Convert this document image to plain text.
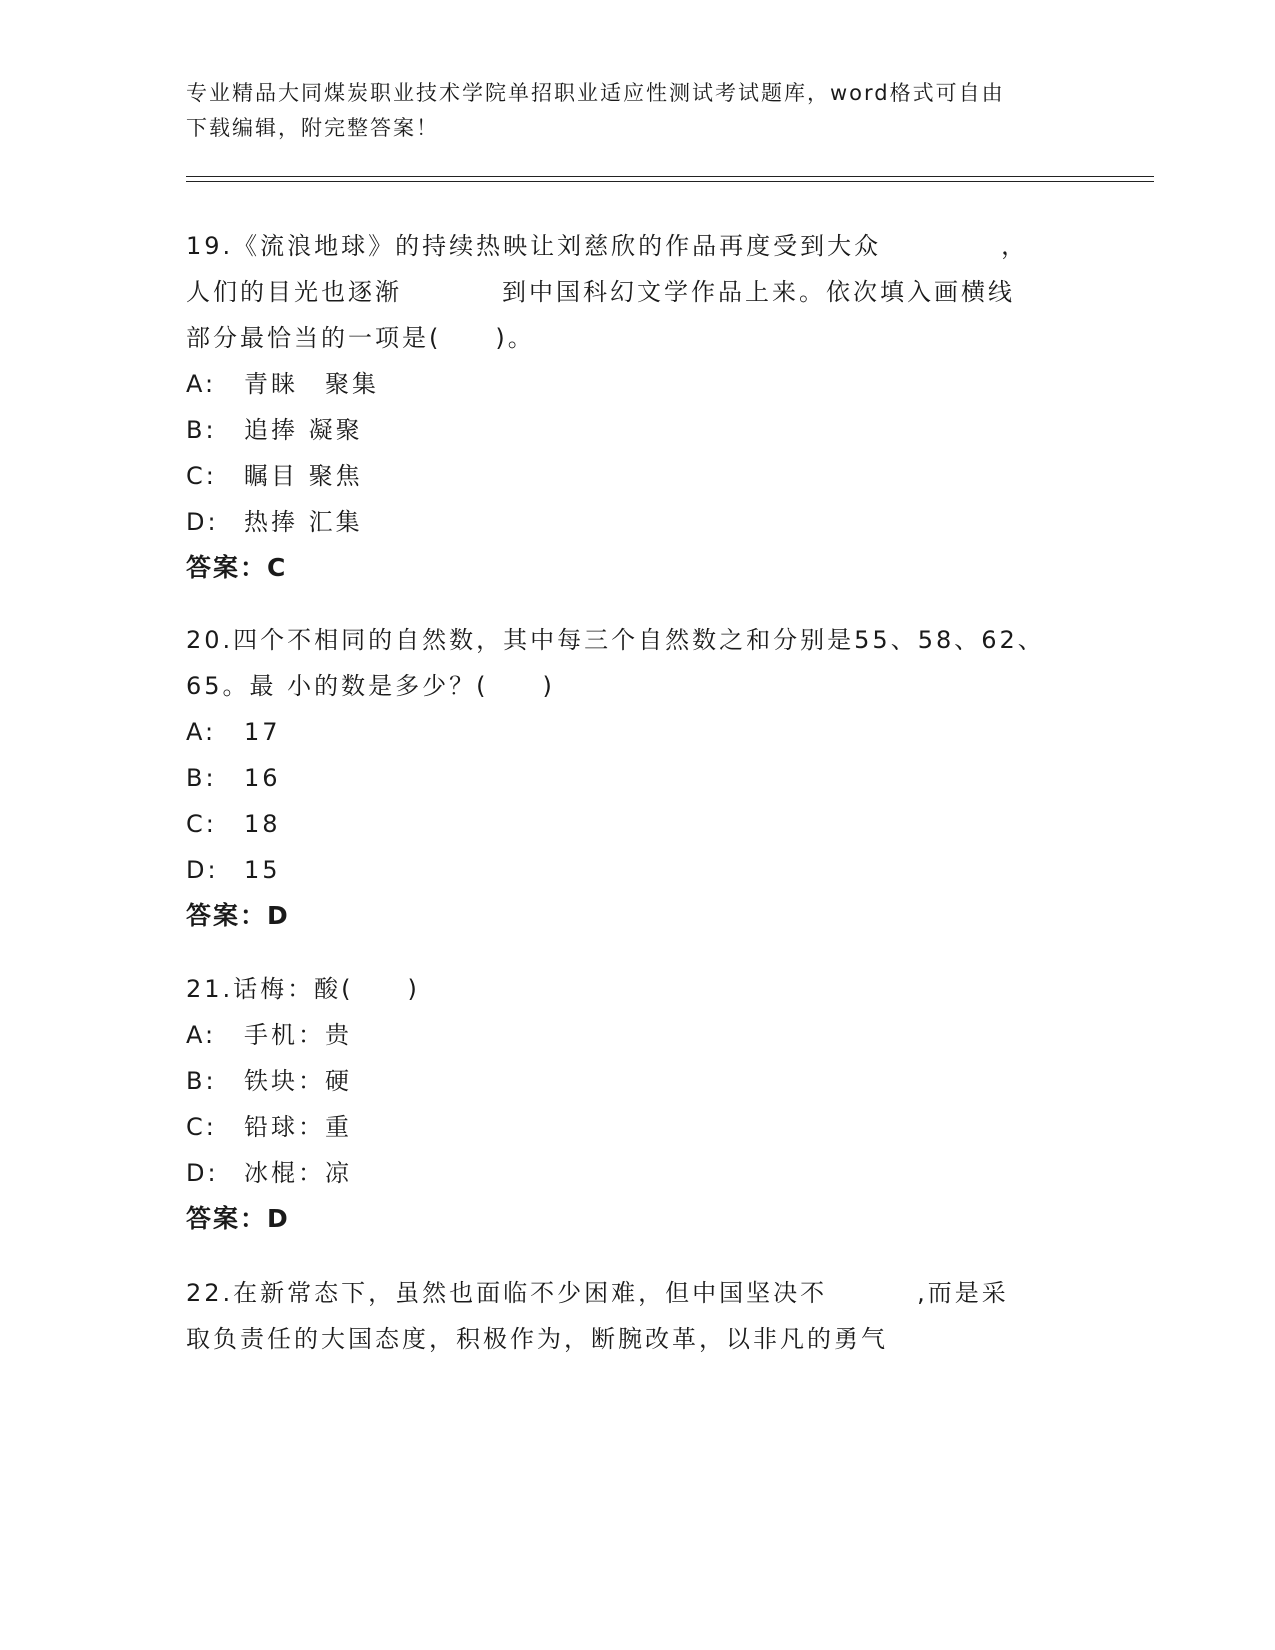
专业精品大同煤炭职业技术学院单招职业适应性测试考试题库，word格式可自由
下载编辑，附完整答案！
19.《流浪地球》的持续热映让刘慈欣的作品再度受到大众	，
人们的目光也逐渐	到中国科幻文学作品上来。依次填入画横线
部分最恰当的一项是(　　)。
A: 青睐　聚集
B: 追捧 凝聚
C: 瞩目 聚焦
D: 热捧 汇集
答案：C
20.四个不相同的自然数，其中每三个自然数之和分别是55、58、62、
65。最 小的数是多少？(　　)
A: 17
B: 16
C: 18
D: 15
答案：D
21.话梅：酸(　　)
A: 手机：贵
B: 铁块：硬
C: 铅球：重
D: 冰棍：凉
答案：D
22.在新常态下，虽然也面临不少困难，但中国坚决不	,而是采
取负责任的大国态度，积极作为，断腕改革，以非凡的勇气
